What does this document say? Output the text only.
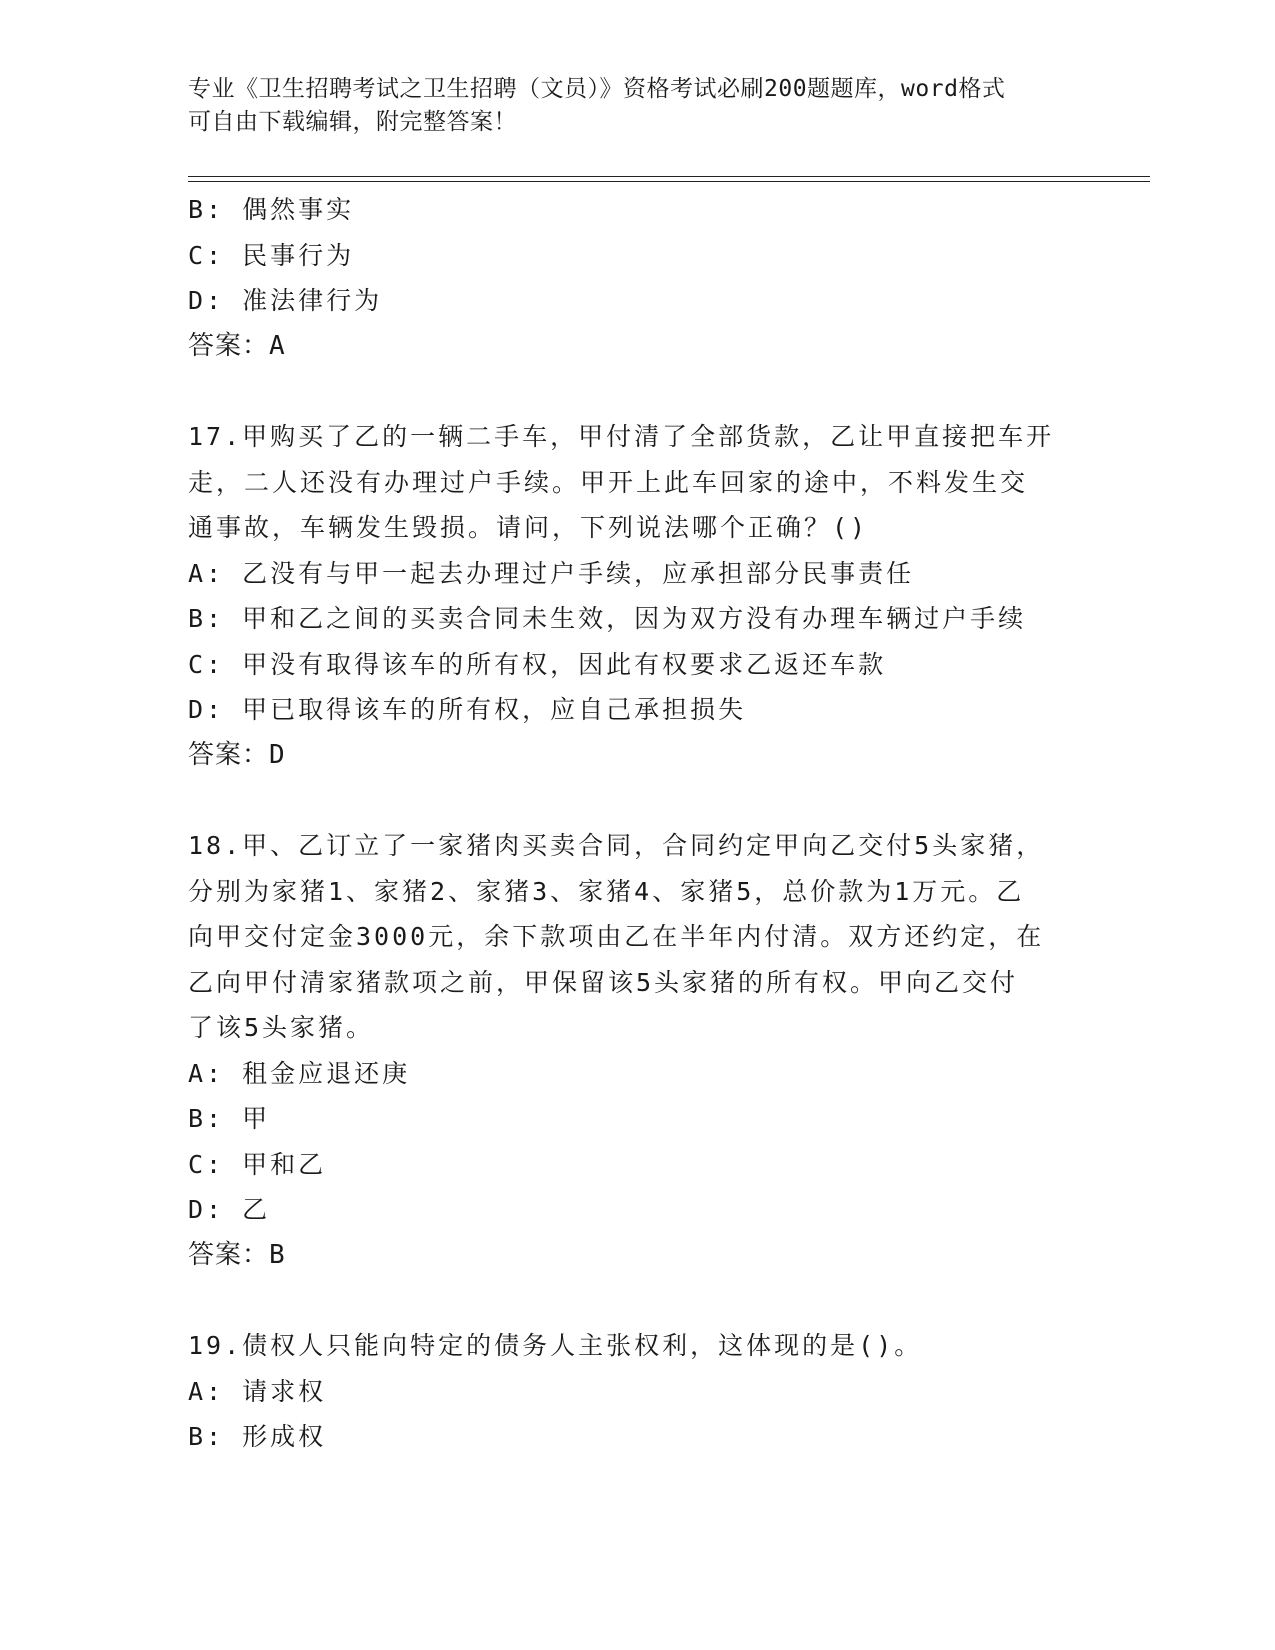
专业《卫生招聘考试之卫生招聘（文员）》资格考试必刷200题题库，word格式
可自由下载编辑，附完整答案！
B: 偶然事实
C: 民事行为
D: 准法律行为
答案：A
17.甲购买了乙的一辆二手车，甲付清了全部货款，乙让甲直接把车开
走，二人还没有办理过户手续。甲开上此车回家的途中，不料发生交
通事故，车辆发生毁损。请问，下列说法哪个正确？()
A: 乙没有与甲一起去办理过户手续，应承担部分民事责任
B: 甲和乙之间的买卖合同未生效，因为双方没有办理车辆过户手续
C: 甲没有取得该车的所有权，因此有权要求乙返还车款
D: 甲已取得该车的所有权，应自己承担损失
答案：D
18.甲、乙订立了一家猪肉买卖合同，合同约定甲向乙交付5头家猪，
分别为家猪1、家猪2、家猪3、家猪4、家猪5，总价款为1万元。乙
向甲交付定金3000元，余下款项由乙在半年内付清。双方还约定，在
乙向甲付清家猪款项之前，甲保留该5头家猪的所有权。甲向乙交付
了该5头家猪。
A: 租金应退还庚
B: 甲
C: 甲和乙
D: 乙
答案：B
19.债权人只能向特定的债务人主张权利，这体现的是()。
A: 请求权
B: 形成权
